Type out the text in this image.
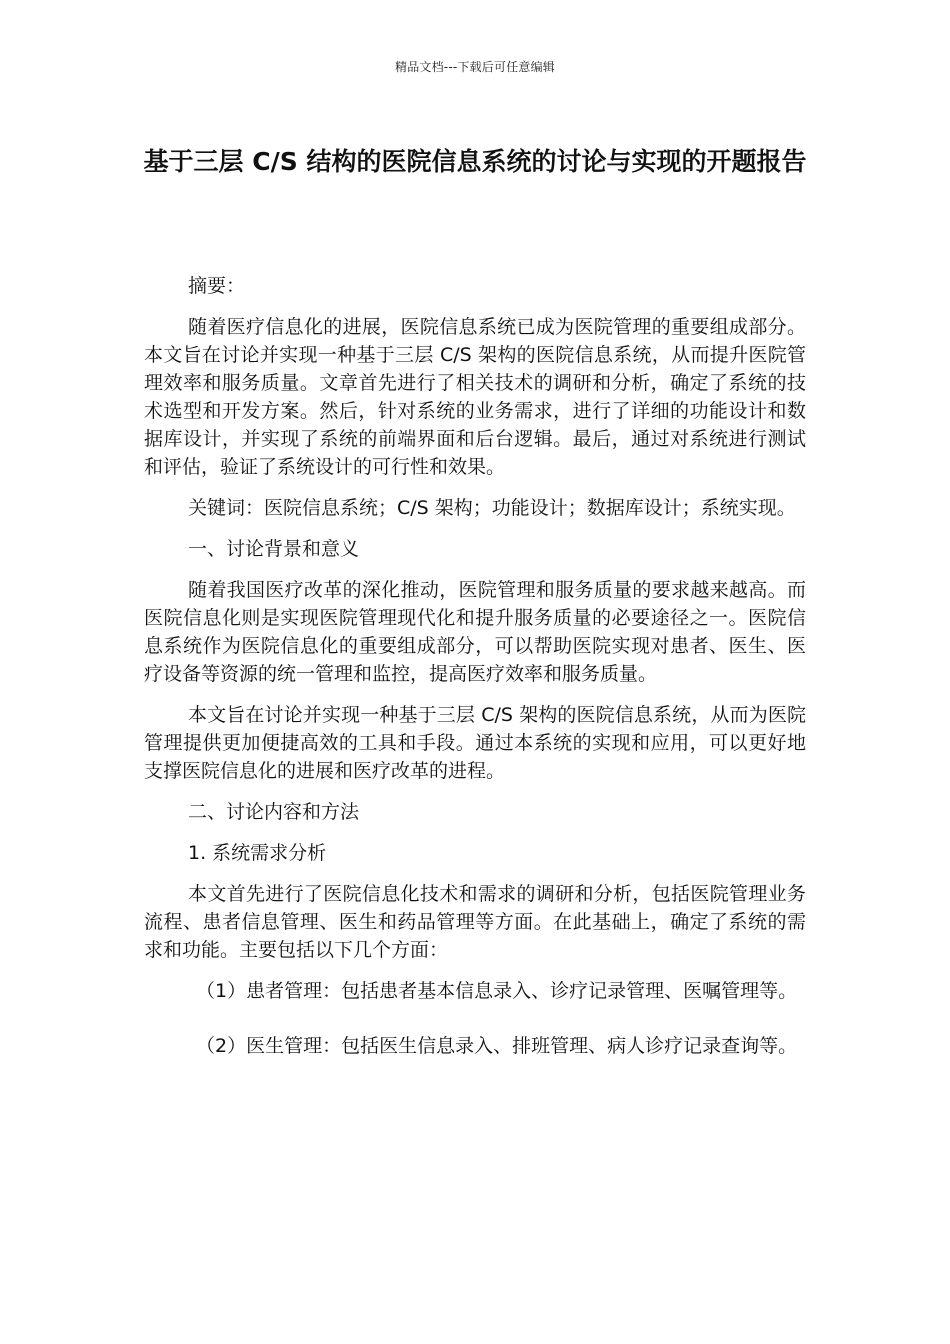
精品文档---下载后可任意编辑
基于三层 C/S 结构的医院信息系统的讨论与实现的开题报告

摘要：

随着医疗信息化的进展，医院信息系统已成为医院管理的重要组成部分。本文旨在讨论并实现一种基于三层 C/S 架构的医院信息系统，从而提升医院管理效率和服务质量。文章首先进行了相关技术的调研和分析，确定了系统的技术选型和开发方案。然后，针对系统的业务需求，进行了详细的功能设计和数据库设计，并实现了系统的前端界面和后台逻辑。最后，通过对系统进行测试和评估，验证了系统设计的可行性和效果。

关键词：医院信息系统；C/S 架构；功能设计；数据库设计；系统实现。

一、讨论背景和意义

随着我国医疗改革的深化推动，医院管理和服务质量的要求越来越高。而医院信息化则是实现医院管理现代化和提升服务质量的必要途径之一。医院信息系统作为医院信息化的重要组成部分，可以帮助医院实现对患者、医生、医疗设备等资源的统一管理和监控，提高医疗效率和服务质量。

本文旨在讨论并实现一种基于三层 C/S 架构的医院信息系统，从而为医院管理提供更加便捷高效的工具和手段。通过本系统的实现和应用，可以更好地支撑医院信息化的进展和医疗改革的进程。

二、讨论内容和方法

1. 系统需求分析

本文首先进行了医院信息化技术和需求的调研和分析，包括医院管理业务流程、患者信息管理、医生和药品管理等方面。在此基础上，确定了系统的需求和功能。主要包括以下几个方面：

（1）患者管理：包括患者基本信息录入、诊疗记录管理、医嘱管理等。

（2）医生管理：包括医生信息录入、排班管理、病人诊疗记录查询等。
